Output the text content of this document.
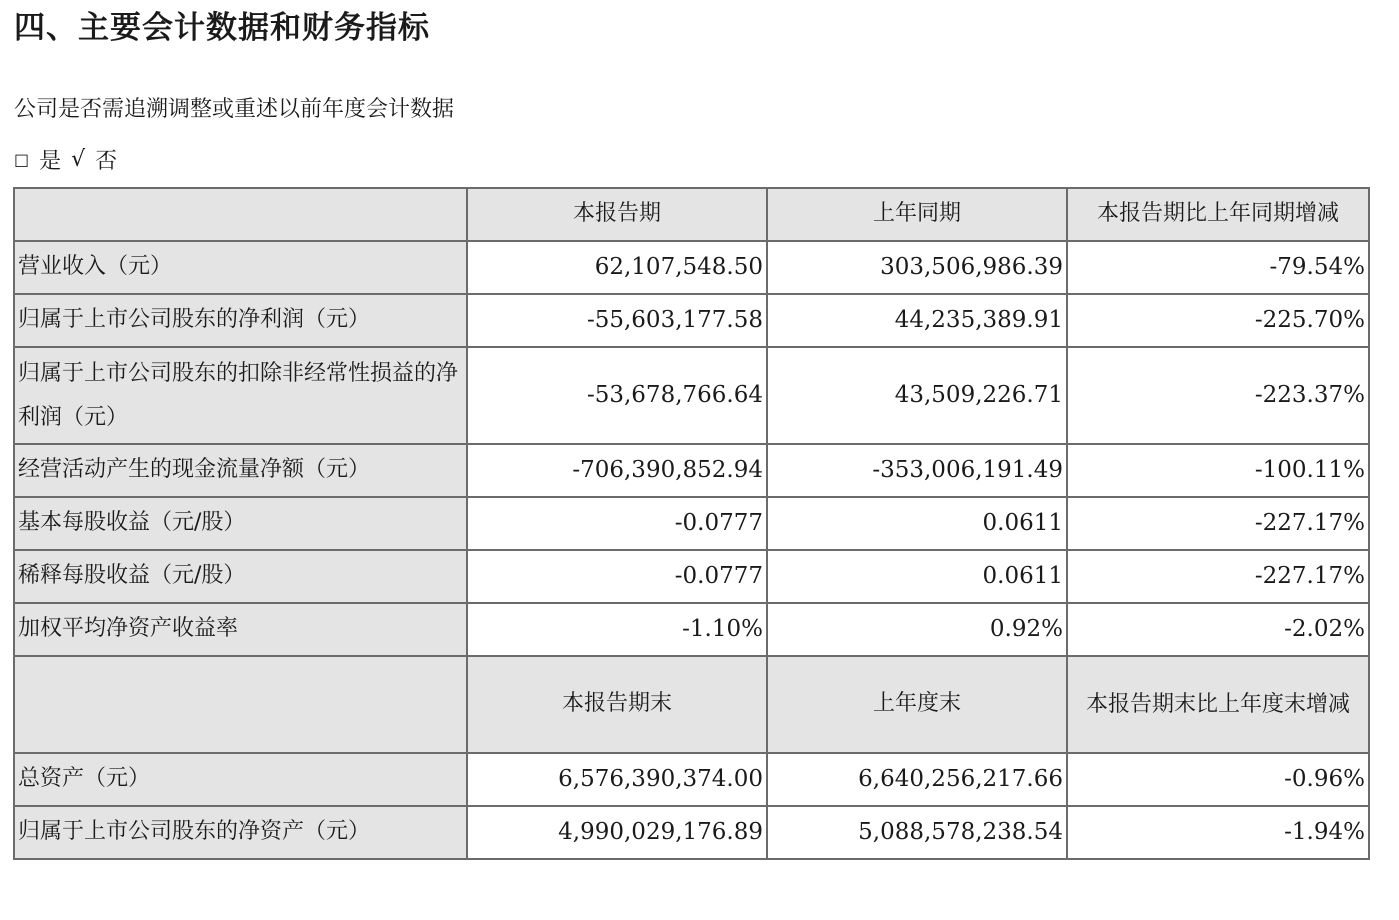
四、主要会计数据和财务指标
公司是否需追溯调整或重述以前年度会计数据
□ 是 √ 否
	本报告期	上年同期	本报告期比上年同期增减
营业收入（元）	62,107,548.50	303,506,986.39	-79.54%
归属于上市公司股东的净利润（元）	-55,603,177.58	44,235,389.91	-225.70%
归属于上市公司股东的扣除非经常性损益的净利润（元）	-53,678,766.64	43,509,226.71	-223.37%
经营活动产生的现金流量净额（元）	-706,390,852.94	-353,006,191.49	-100.11%
基本每股收益（元/股）	-0.0777	0.0611	-227.17%
稀释每股收益（元/股）	-0.0777	0.0611	-227.17%
加权平均净资产收益率	-1.10%	0.92%	-2.02%
	本报告期末	上年度末	本报告期末比上年度末增减
总资产（元）	6,576,390,374.00	6,640,256,217.66	-0.96%
归属于上市公司股东的净资产（元）	4,990,029,176.89	5,088,578,238.54	-1.94%
